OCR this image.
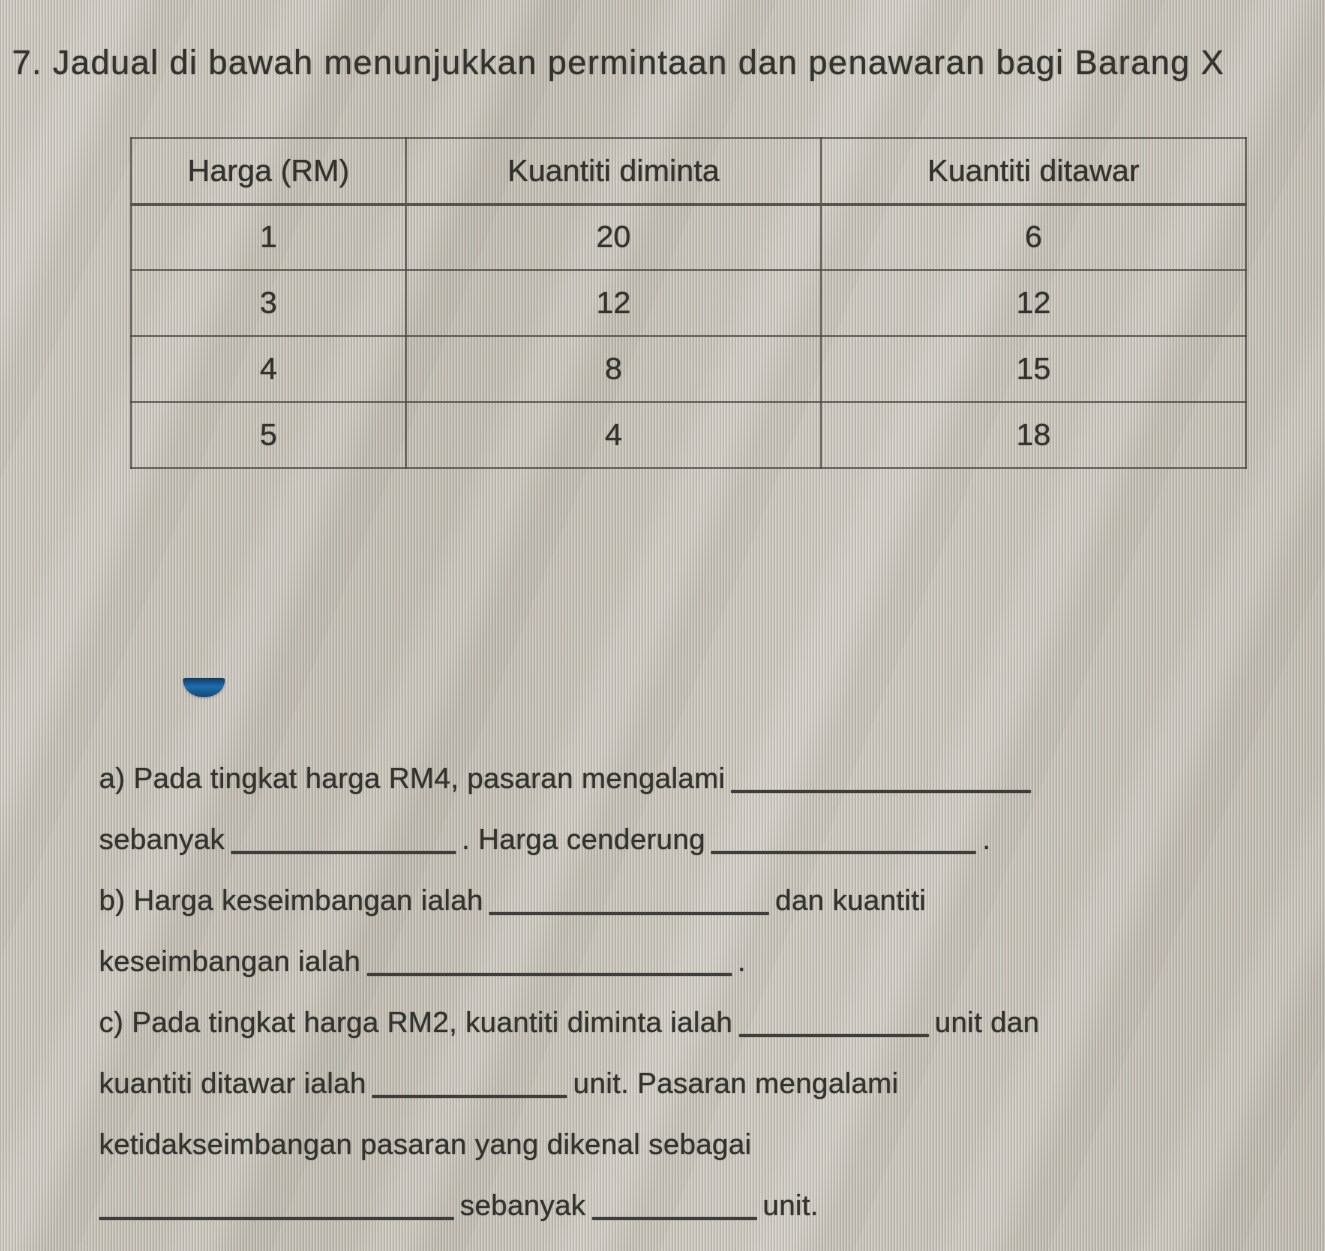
7. Jadual di bawah menunjukkan permintaan dan penawaran bagi Barang X
Harga (RM)	Kuantiti diminta	Kuantiti ditawar
1	20	6
3	12	12
4	8	15
5	4	18
a) Pada tingkat harga RM4, pasaran mengalami
sebanyak	. Harga cenderung	.
b) Harga keseimbangan ialah	dan kuantiti
keseimbangan ialah	.
c) Pada tingkat harga RM2, kuantiti diminta ialah	unit dan
kuantiti ditawar ialah	unit. Pasaran mengalami
ketidakseimbangan pasaran yang dikenal sebagai
sebanyak	unit.
